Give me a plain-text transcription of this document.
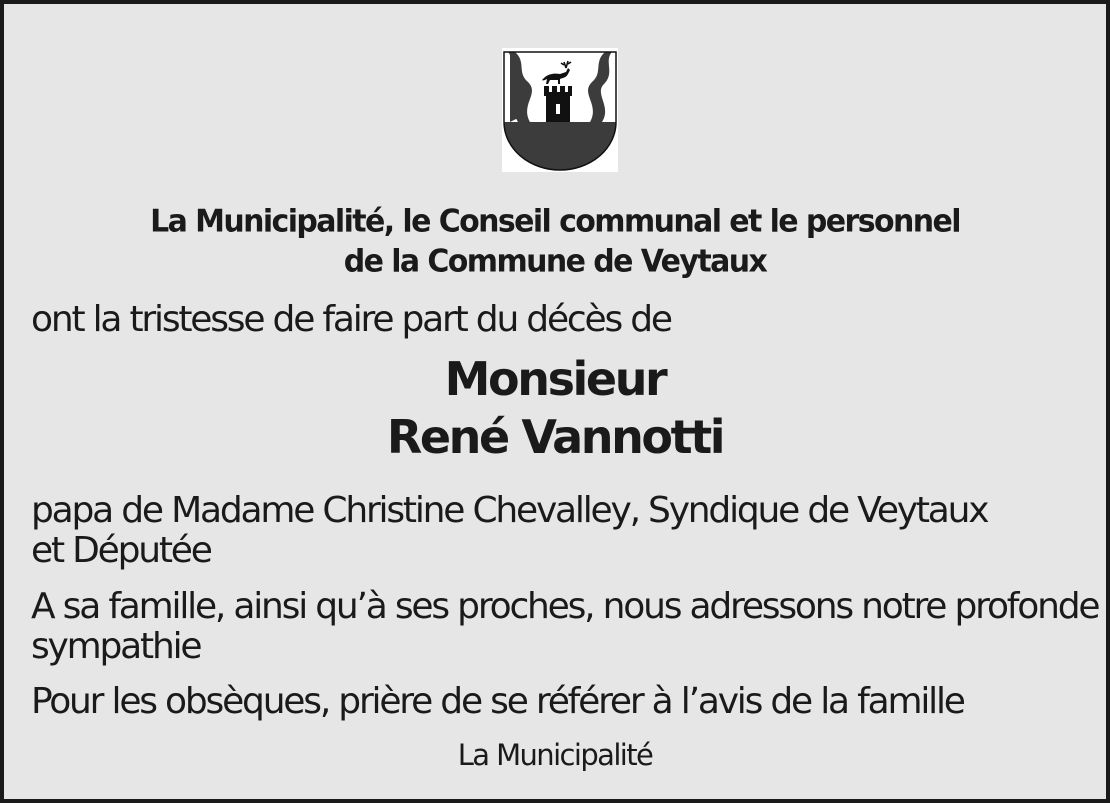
La Municipalité, le Conseil communal et le personnel
de la Commune de Veytaux
ont la tristesse de faire part du décès de
Monsieur
René Vannotti
papa de Madame Christine Chevalley, Syndique de Veytaux
et Députée
A sa famille, ainsi qu’à ses proches, nous adressons notre profonde
sympathie
Pour les obsèques, prière de se référer à l’avis de la famille
La Municipalité
